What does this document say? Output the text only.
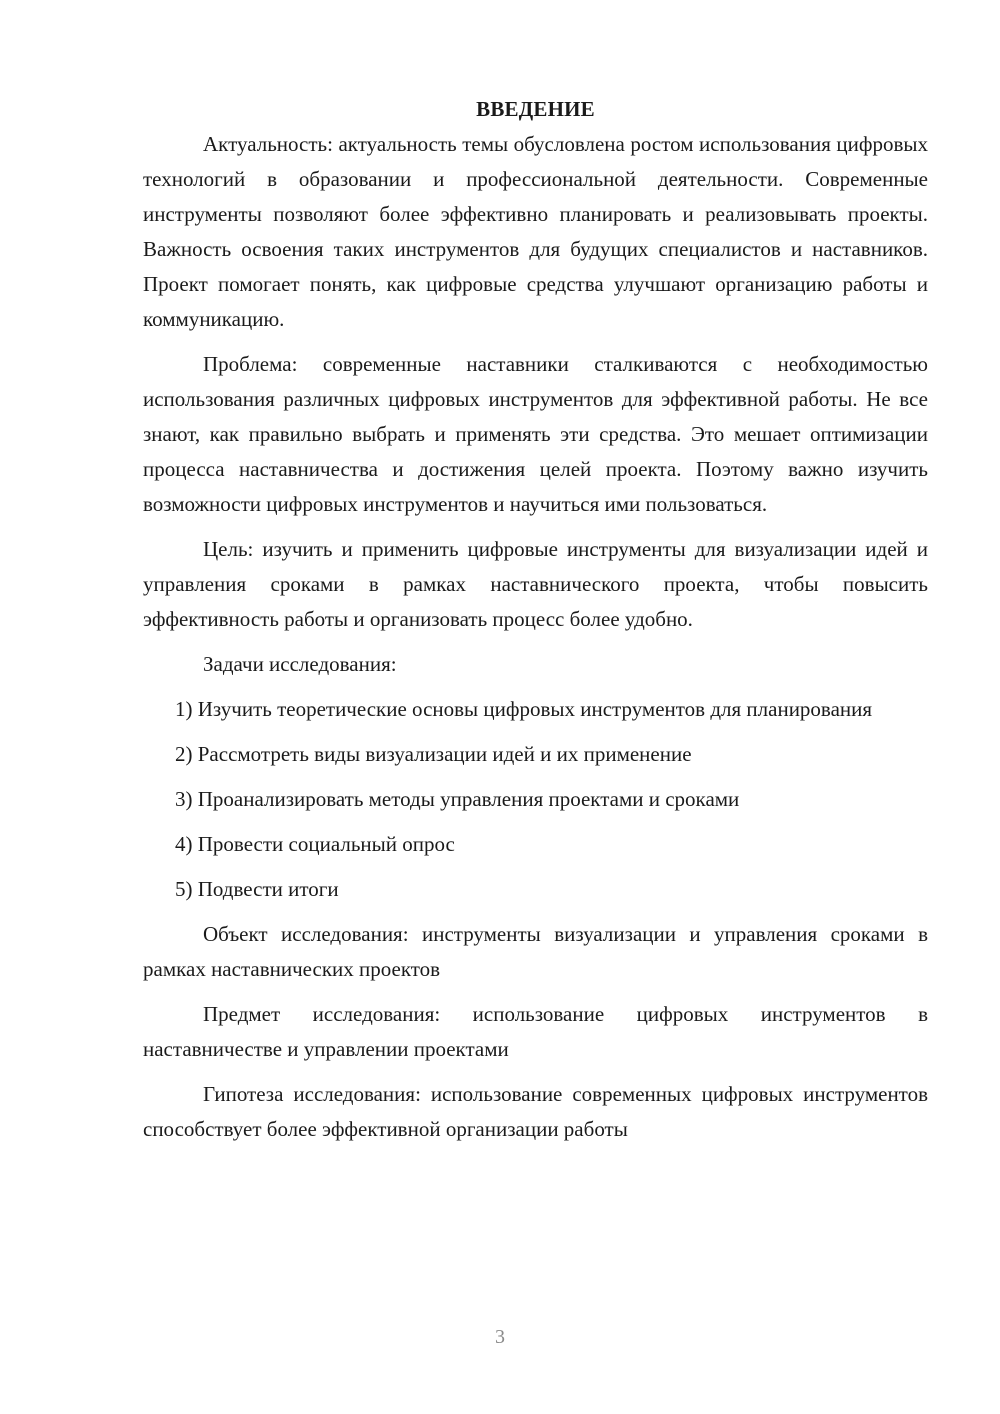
ВВЕДЕНИЕ

Актуальность: актуальность темы обусловлена ростом использования цифровых технологий в образовании и профессиональной деятельности. Современные инструменты позволяют более эффективно планировать и реализовывать проекты. Важность освоения таких инструментов для будущих специалистов и наставников. Проект помогает понять, как цифровые средства улучшают организацию работы и коммуникацию.

Проблема: современные наставники сталкиваются с необходимостью использования различных цифровых инструментов для эффективной работы. Не все знают, как правильно выбрать и применять эти средства. Это мешает оптимизации процесса наставничества и достижения целей проекта. Поэтому важно изучить возможности цифровых инструментов и научиться ими пользоваться.

Цель: изучить и применить цифровые инструменты для визуализации идей и управления сроками в рамках наставнического проекта, чтобы повысить эффективность работы и организовать процесс более удобно.

Задачи исследования:

1) Изучить теоретические основы цифровых инструментов для планирования

2) Рассмотреть виды визуализации идей и их применение

3) Проанализировать методы управления проектами и сроками

4) Провести социальный опрос

5) Подвести итоги

Объект исследования: инструменты визуализации и управления сроками в рамках наставнических проектов

Предмет исследования: использование цифровых инструментов в наставничестве и управлении проектами

Гипотеза исследования: использование современных цифровых инструментов способствует более эффективной организации работы

3
